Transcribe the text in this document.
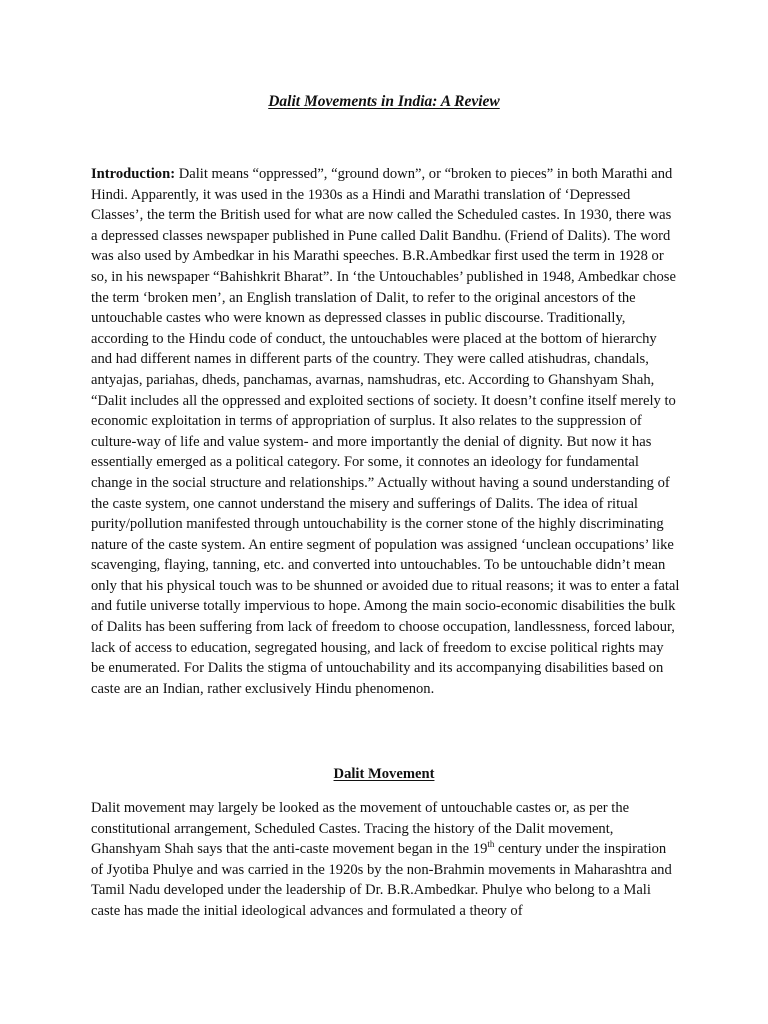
Dalit Movements in India: A Review

Introduction: Dalit means “oppressed”, “ground down”, or “broken to pieces” in both Marathi and Hindi. Apparently, it was used in the 1930s as a Hindi and Marathi translation of ‘Depressed Classes’, the term the British used for what are now called the Scheduled castes. In 1930, there was a depressed classes newspaper published in Pune called Dalit Bandhu. (Friend of Dalits). The word was also used by Ambedkar in his Marathi speeches. B.R.Ambedkar first used the term in 1928 or so, in his newspaper “Bahishkrit Bharat”. In ‘the Untouchables’ published in 1948, Ambedkar chose the term ‘broken men’, an English translation of Dalit, to refer to the original ancestors of the untouchable castes who were known as depressed classes in public discourse. Traditionally, according to the Hindu code of conduct, the untouchables were placed at the bottom of hierarchy and had different names in different parts of the country. They were called atishudras, chandals, antyajas, pariahas, dheds, panchamas, avarnas, namshudras, etc. According to Ghanshyam Shah, “Dalit includes all the oppressed and exploited sections of society. It doesn’t confine itself merely to economic exploitation in terms of appropriation of surplus. It also relates to the suppression of culture-way of life and value system- and more importantly the denial of dignity. But now it has essentially emerged as a political category. For some, it connotes an ideology for fundamental change in the social structure and relationships.” Actually without having a sound understanding of the caste system, one cannot understand the misery and sufferings of Dalits. The idea of ritual purity/pollution manifested through untouchability is the corner stone of the highly discriminating nature of the caste system. An entire segment of population was assigned ‘unclean occupations’ like scavenging, flaying, tanning, etc. and converted into untouchables. To be untouchable didn’t mean only that his physical touch was to be shunned or avoided due to ritual reasons; it was to enter a fatal and futile universe totally impervious to hope. Among the main socio-economic disabilities the bulk of Dalits has been suffering from lack of freedom to choose occupation, landlessness, forced labour, lack of access to education, segregated housing, and lack of freedom to excise political rights may be enumerated. For Dalits the stigma of untouchability and its accompanying disabilities based on caste are an Indian, rather exclusively Hindu phenomenon.

Dalit Movement

Dalit movement may largely be looked as the movement of untouchable castes or, as per the constitutional arrangement, Scheduled Castes. Tracing the history of the Dalit movement, Ghanshyam Shah says that the anti-caste movement began in the 19th century under the inspiration of Jyotiba Phulye and was carried in the 1920s by the non-Brahmin movements in Maharashtra and Tamil Nadu developed under the leadership of Dr. B.R.Ambedkar. Phulye who belong to a Mali caste has made the initial ideological advances and formulated a theory of
